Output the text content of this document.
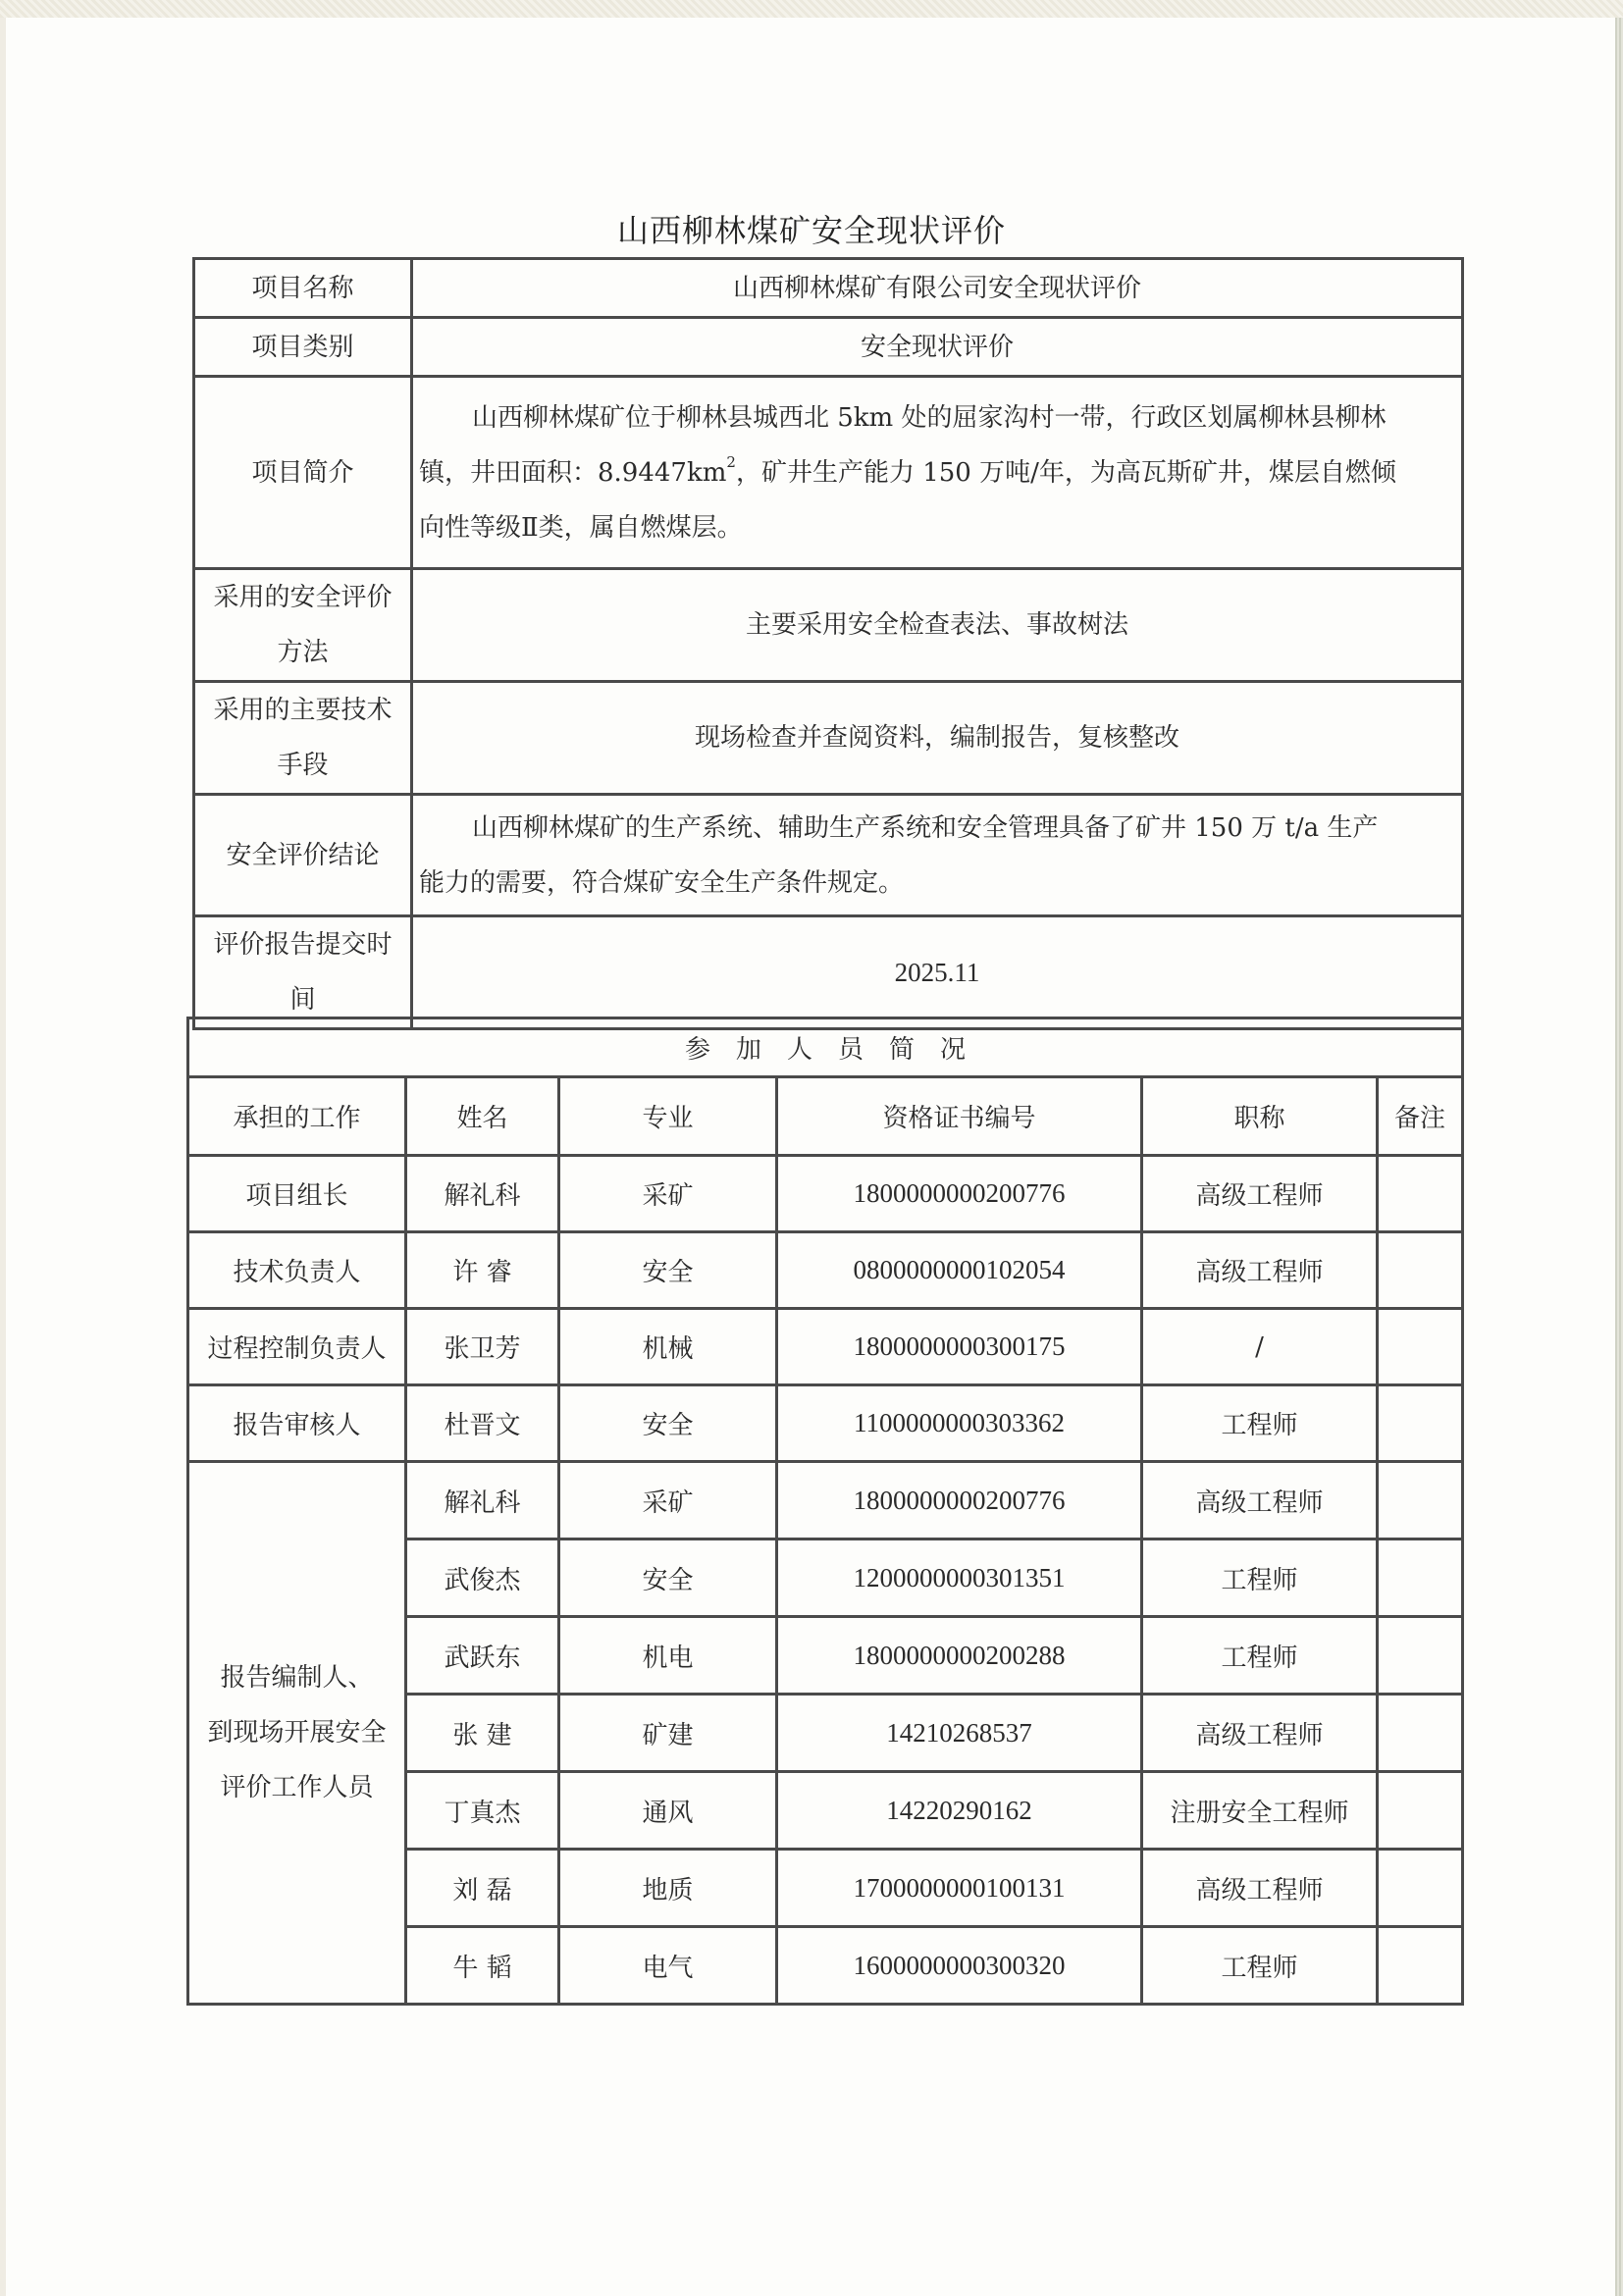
山西柳林煤矿安全现状评价
项目名称	山西柳林煤矿有限公司安全现状评价
项目类别	安全现状评价
项目简介	山西柳林煤矿位于柳林县城西北 5km 处的屈家沟村一带，行政区划属柳林县柳林
镇，井田面积：$8.9447km^2$，矿井生产能力 150 万吨/年，为高瓦斯矿井，煤层自燃倾
向性等级Ⅱ类，属自燃煤层。

采用的安全评价
方法	主要采用安全检查表法、事故树法

采用的主要技术
手段	现场检查并查阅资料，编制报告，复核整改
安全评价结论	山西柳林煤矿的生产系统、辅助生产系统和安全管理具备了矿井 150 万 t/a 生产
能力的需要，符合煤矿安全生产条件规定。

评价报告提交时
间	2025.11
参加人员简况					
承担的工作	姓名	专业	资格证书编号	职称	备注
项目组长	解礼科	采矿	1800000000200776	高级工程师	
技术负责人	许 睿	安全	0800000000102054	高级工程师	
过程控制负责人	张卫芳	机械	1800000000300175	/	
报告审核人	杜晋文	安全	1100000000303362	工程师	

报告编制人、
到现场开展安全
评价工作人员	解礼科	采矿	1800000000200776	高级工程师	
	武俊杰	安全	1200000000301351	工程师	
	武跃东	机电	1800000000200288	工程师	
	张 建	矿建	14210268537	高级工程师	
	丁真杰	通风	14220290162	注册安全工程师	
	刘 磊	地质	1700000000100131	高级工程师	
	牛 韬	电气	1600000000300320	工程师	
